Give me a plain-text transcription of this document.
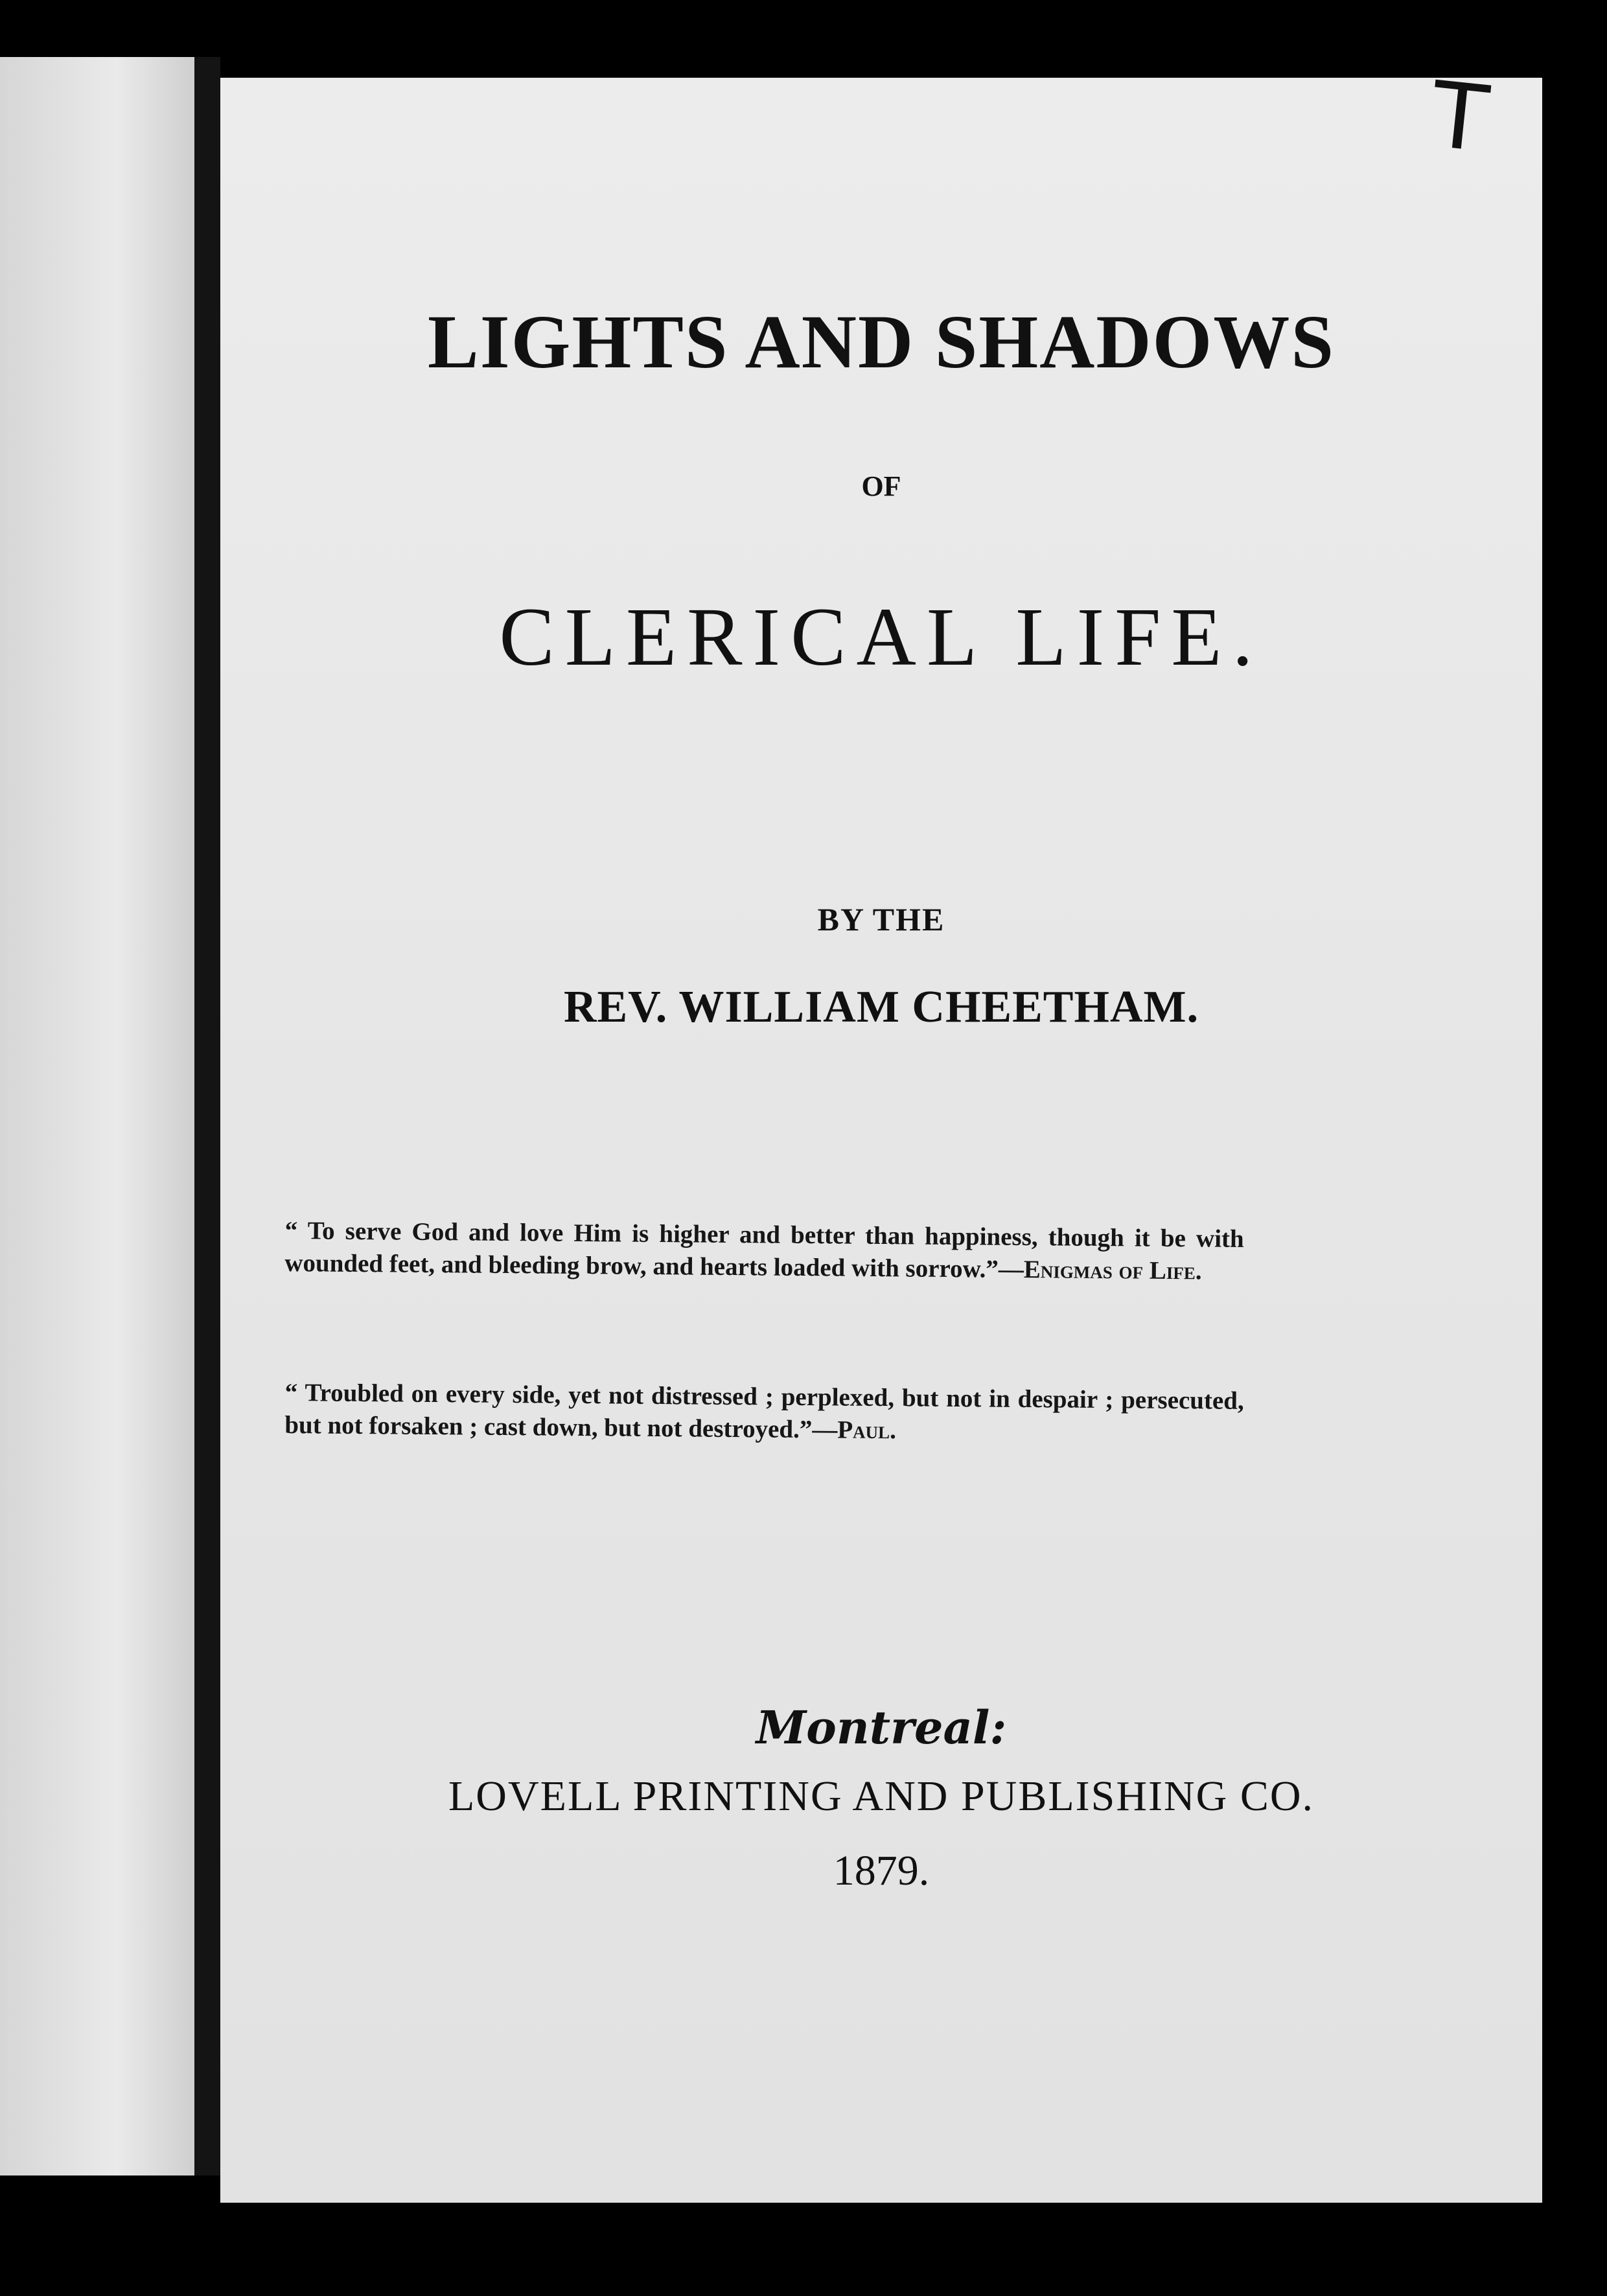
T
LIGHTS AND SHADOWS
OF
CLERICAL LIFE.
BY THE
REV. WILLIAM CHEETHAM.
“ To serve God and love Him is higher and better than happiness, though it be with wounded feet, and bleeding brow, and hearts loaded with sorrow.”—Enigmas of Life.
“ Troubled on every side, yet not distressed ; perplexed, but not in despair ; persecuted, but not forsaken ; cast down, but not destroyed.”—Paul.
Montreal:
LOVELL PRINTING AND PUBLISHING CO.
1879.
